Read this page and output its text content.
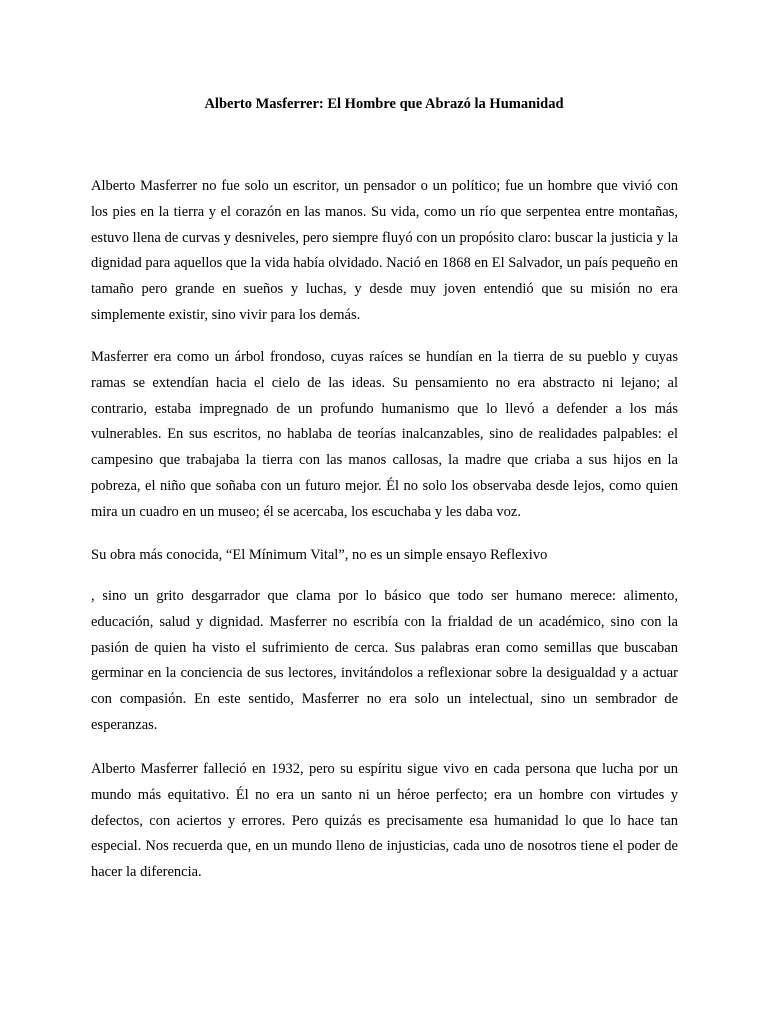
Alberto Masferrer: El Hombre que Abrazó la Humanidad

Alberto Masferrer no fue solo un escritor, un pensador o un político; fue un hombre que vivió con los pies en la tierra y el corazón en las manos. Su vida, como un río que serpentea entre montañas, estuvo llena de curvas y desniveles, pero siempre fluyó con un propósito claro: buscar la justicia y la dignidad para aquellos que la vida había olvidado. Nació en 1868 en El Salvador, un país pequeño en tamaño pero grande en sueños y luchas, y desde muy joven entendió que su misión no era simplemente existir, sino vivir para los demás.

Masferrer era como un árbol frondoso, cuyas raíces se hundían en la tierra de su pueblo y cuyas ramas se extendían hacia el cielo de las ideas. Su pensamiento no era abstracto ni lejano; al contrario, estaba impregnado de un profundo humanismo que lo llevó a defender a los más vulnerables. En sus escritos, no hablaba de teorías inalcanzables, sino de realidades palpables: el campesino que trabajaba la tierra con las manos callosas, la madre que criaba a sus hijos en la pobreza, el niño que soñaba con un futuro mejor. Él no solo los observaba desde lejos, como quien mira un cuadro en un museo; él se acercaba, los escuchaba y les daba voz.

Su obra más conocida, “El Mínimum Vital”, no es un simple ensayo Reflexivo

, sino un grito desgarrador que clama por lo básico que todo ser humano merece: alimento, educación, salud y dignidad. Masferrer no escribía con la frialdad de un académico, sino con la pasión de quien ha visto el sufrimiento de cerca. Sus palabras eran como semillas que buscaban germinar en la conciencia de sus lectores, invitándolos a reflexionar sobre la desigualdad y a actuar con compasión. En este sentido, Masferrer no era solo un intelectual, sino un sembrador de esperanzas.

Alberto Masferrer falleció en 1932, pero su espíritu sigue vivo en cada persona que lucha por un mundo más equitativo. Él no era un santo ni un héroe perfecto; era un hombre con virtudes y defectos, con aciertos y errores. Pero quizás es precisamente esa humanidad lo que lo hace tan especial. Nos recuerda que, en un mundo lleno de injusticias, cada uno de nosotros tiene el poder de hacer la diferencia.
